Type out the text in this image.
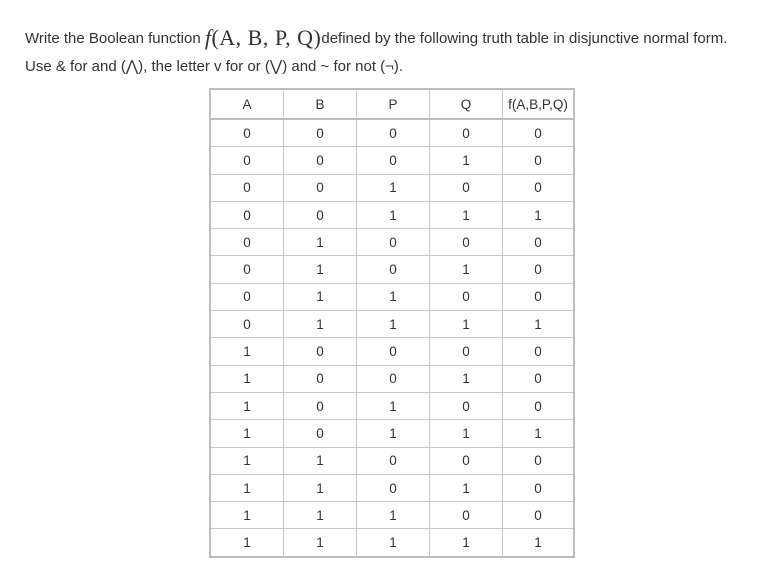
Write the Boolean function f(A, B, P, Q)defined by the following truth table in disjunctive normal form.
Use & for and (⋀), the letter v for or (⋁) and ~ for not (¬).
A	B	P	Q	f(A,B,P,Q)
0	0	0	0	0
0	0	0	1	0
0	0	1	0	0
0	0	1	1	1
0	1	0	0	0
0	1	0	1	0
0	1	1	0	0
0	1	1	1	1
1	0	0	0	0
1	0	0	1	0
1	0	1	0	0
1	0	1	1	1
1	1	0	0	0
1	1	0	1	0
1	1	1	0	0
1	1	1	1	1
